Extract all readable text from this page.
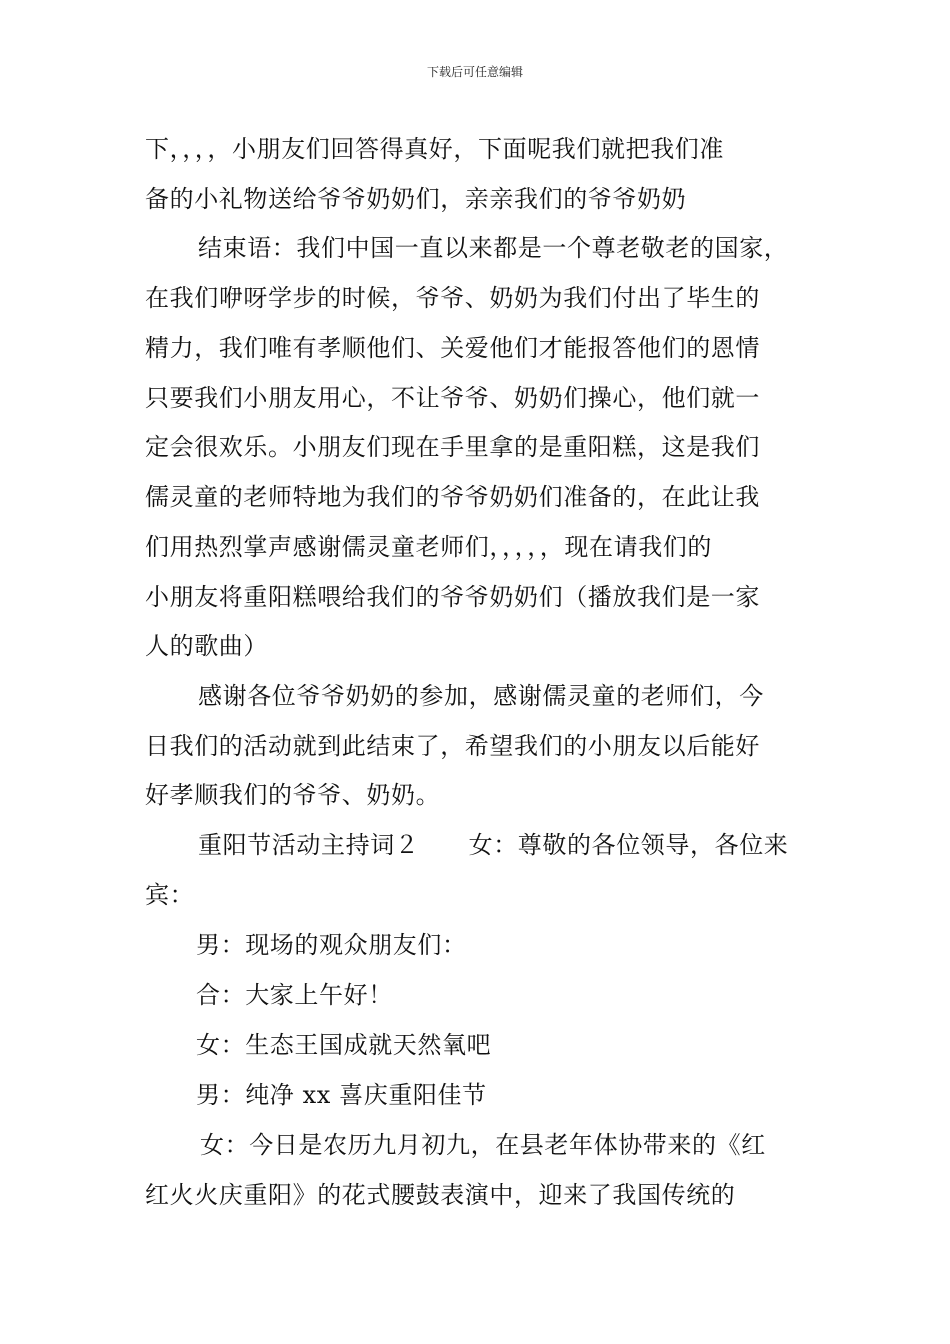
下载后可任意编辑
下，，，，小朋友们回答得真好，下面呢我们就把我们准
备的小礼物送给爷爷奶奶们，亲亲我们的爷爷奶奶
结束语：我们中国一直以来都是一个尊老敬老的国家，
在我们咿呀学步的时候，爷爷、奶奶为我们付出了毕生的
精力，我们唯有孝顺他们、关爱他们才能报答他们的恩情
只要我们小朋友用心，不让爷爷、奶奶们操心，他们就一
定会很欢乐。小朋友们现在手里拿的是重阳糕，这是我们
儒灵童的老师特地为我们的爷爷奶奶们准备的，在此让我
们用热烈掌声感谢儒灵童老师们，，，，，现在请我们的
小朋友将重阳糕喂给我们的爷爷奶奶们（播放我们是一家
人的歌曲）
感谢各位爷爷奶奶的参加，感谢儒灵童的老师们，今
日我们的活动就到此结束了，希望我们的小朋友以后能好
好孝顺我们的爷爷、奶奶。
重阳节活动主持词２　　女：尊敬的各位领导，各位来
宾：
男：现场的观众朋友们：
合：大家上午好！
女：生态王国成就天然氧吧
男：纯净 xx 喜庆重阳佳节
女：今日是农历九月初九，在县老年体协带来的《红
红火火庆重阳》的花式腰鼓表演中，迎来了我国传统的
